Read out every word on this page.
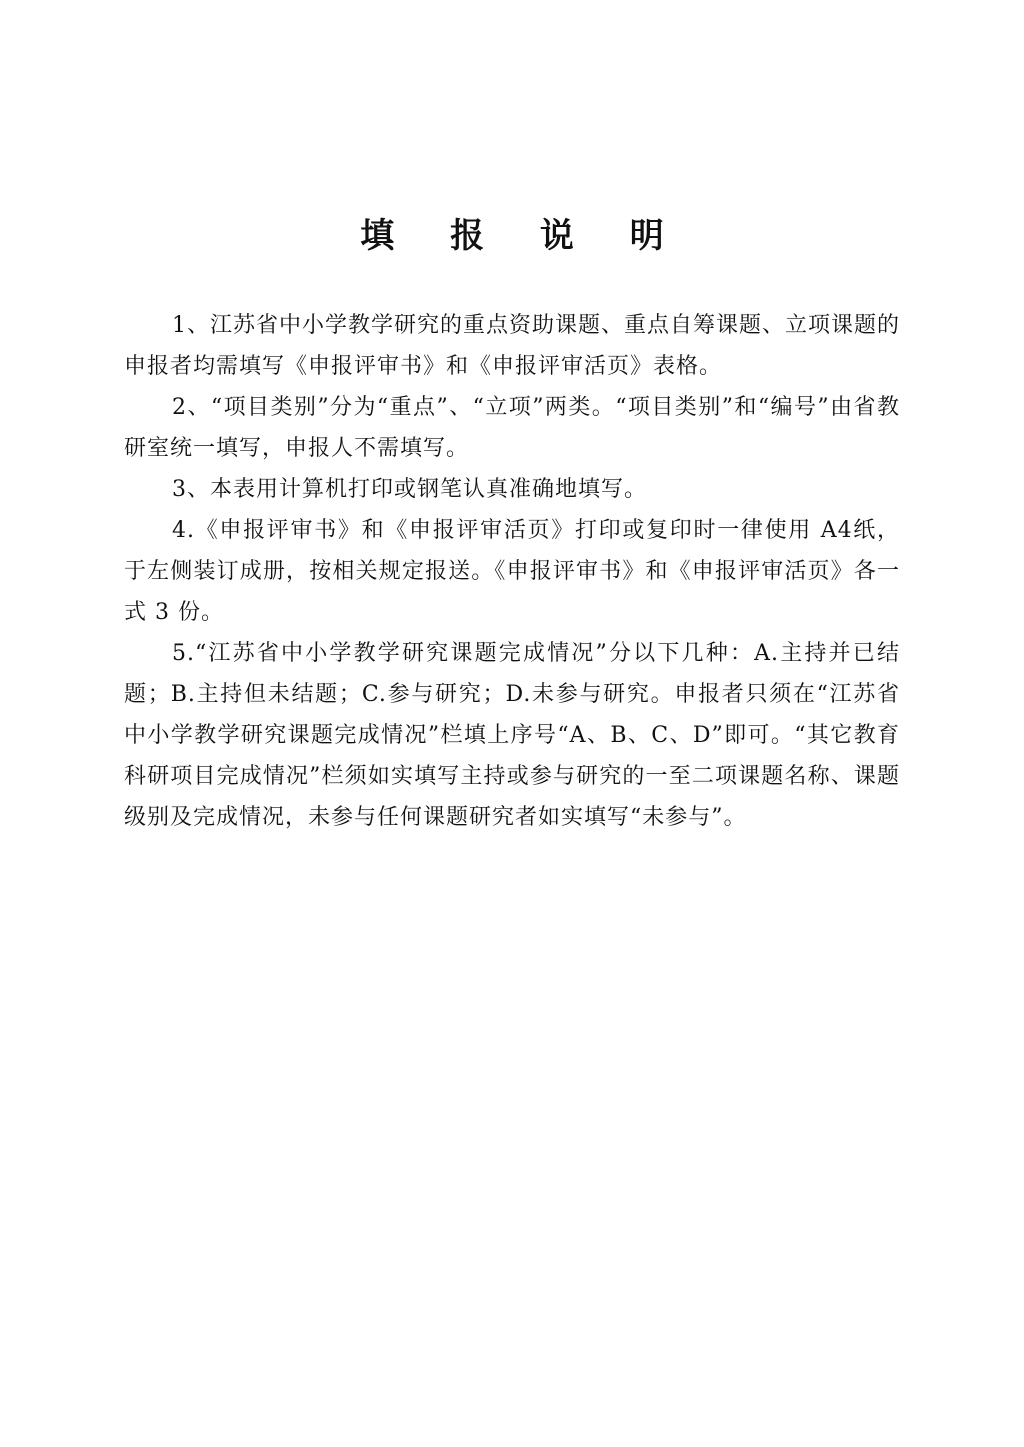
填 报 说 明

1、江苏省中小学教学研究的重点资助课题、重点自筹课题、立项课题的申报者均需填写《申报评审书》和《申报评审活页》表格。

2、“项目类别”分为“重点”、“立项”两类。“项目类别”和“编号”由省教研室统一填写，申报人不需填写。

3、本表用计算机打印或钢笔认真准确地填写。

4.《申报评审书》和《申报评审活页》打印或复印时一律使用 A4纸，于左侧装订成册，按相关规定报送。《申报评审书》和《申报评审活页》各一式 3 份。

5.“江苏省中小学教学研究课题完成情况”分以下几种：A.主持并已结题；B.主持但未结题；C.参与研究；D.未参与研究。申报者只须在“江苏省中小学教学研究课题完成情况”栏填上序号“A、B、C、D”即可。“其它教育科研项目完成情况”栏须如实填写主持或参与研究的一至二项课题名称、课题级别及完成情况，未参与任何课题研究者如实填写“未参与”。
